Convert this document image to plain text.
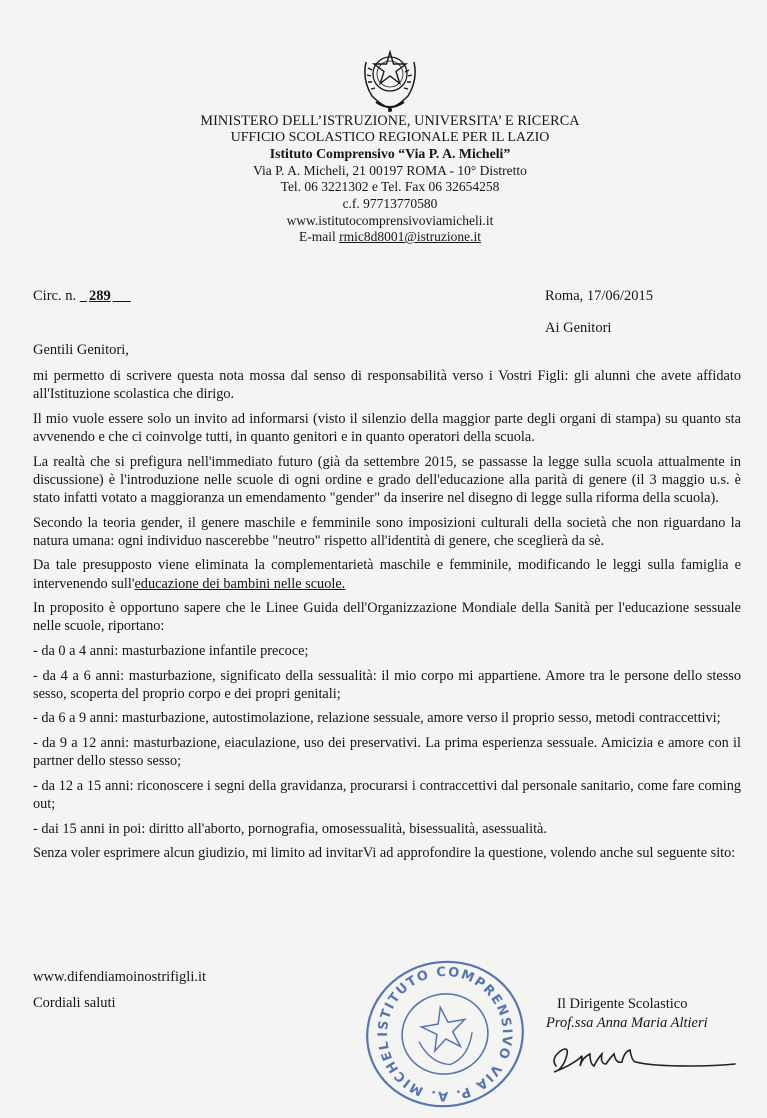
MINISTERO DELL’ISTRUZIONE, UNIVERSITA’ E RICERCA
UFFICIO SCOLASTICO REGIONALE PER IL LAZIO
Istituto Comprensivo “Via P. A. Micheli”
Via P. A. Micheli, 21 00197 ROMA - 10° Distretto
Tel. 06 3221302 e Tel. Fax 06 32654258
c.f. 97713770580
www.istitutocomprensivoviamicheli.it
E-mail rmic8d8001@istruzione.it
Circ. n. 289	Roma, 17/06/2015
Ai Genitori
Gentili Genitori,

mi permetto di scrivere questa nota mossa dal senso di responsabilità verso i Vostri Figli: gli alunni che avete affidato all'Istituzione scolastica che dirigo.

Il mio vuole essere solo un invito ad informarsi (visto il silenzio della maggior parte degli organi di stampa) su quanto sta avvenendo e che ci coinvolge tutti, in quanto genitori e in quanto operatori della scuola.

La realtà che si prefigura nell'immediato futuro (già da settembre 2015, se passasse la legge sulla scuola attualmente in discussione) è l'introduzione nelle scuole di ogni ordine e grado dell'educazione alla parità di genere (il 3 maggio u.s. è stato infatti votato a maggioranza un emendamento "gender" da inserire nel disegno di legge sulla riforma della scuola).

Secondo la teoria gender, il genere maschile e femminile sono imposizioni culturali della società che non riguardano la natura umana: ogni individuo nascerebbe "neutro" rispetto all'identità di genere, che sceglierà da sè.

Da tale presupposto viene eliminata la complementarietà maschile e femminile, modificando le leggi sulla famiglia e intervenendo sull'educazione dei bambini nelle scuole.

In proposito è opportuno sapere che le Linee Guida dell'Organizzazione Mondiale della Sanità per l'educazione sessuale nelle scuole, riportano:

- da 0 a 4 anni: masturbazione infantile precoce;

- da 4 a 6 anni: masturbazione, significato della sessualità: il mio corpo mi appartiene. Amore tra le persone dello stesso sesso, scoperta del proprio corpo e dei propri genitali;

- da 6 a 9 anni: masturbazione, autostimolazione, relazione sessuale, amore verso il proprio sesso, metodi contraccettivi;

- da 9 a 12 anni: masturbazione, eiaculazione, uso dei preservativi. La prima esperienza sessuale. Amicizia e amore con il partner dello stesso sesso;

- da 12 a 15 anni: riconoscere i segni della gravidanza, procurarsi i contraccettivi dal personale sanitario, come fare coming out;

- dai 15 anni in poi: diritto all'aborto, pornografia, omosessualità, bisessualità, asessualità.

Senza voler esprimere alcun giudizio, mi limito ad invitarVi ad approfondire la questione, volendo anche sul seguente sito:

www.difendiamoinostrifigli.it
Cordiali saluti
ISTITUTO COMPRENSIVO VIA P. A. MICHELI
Il Dirigente Scolastico
Prof.ssa Anna Maria Altieri
